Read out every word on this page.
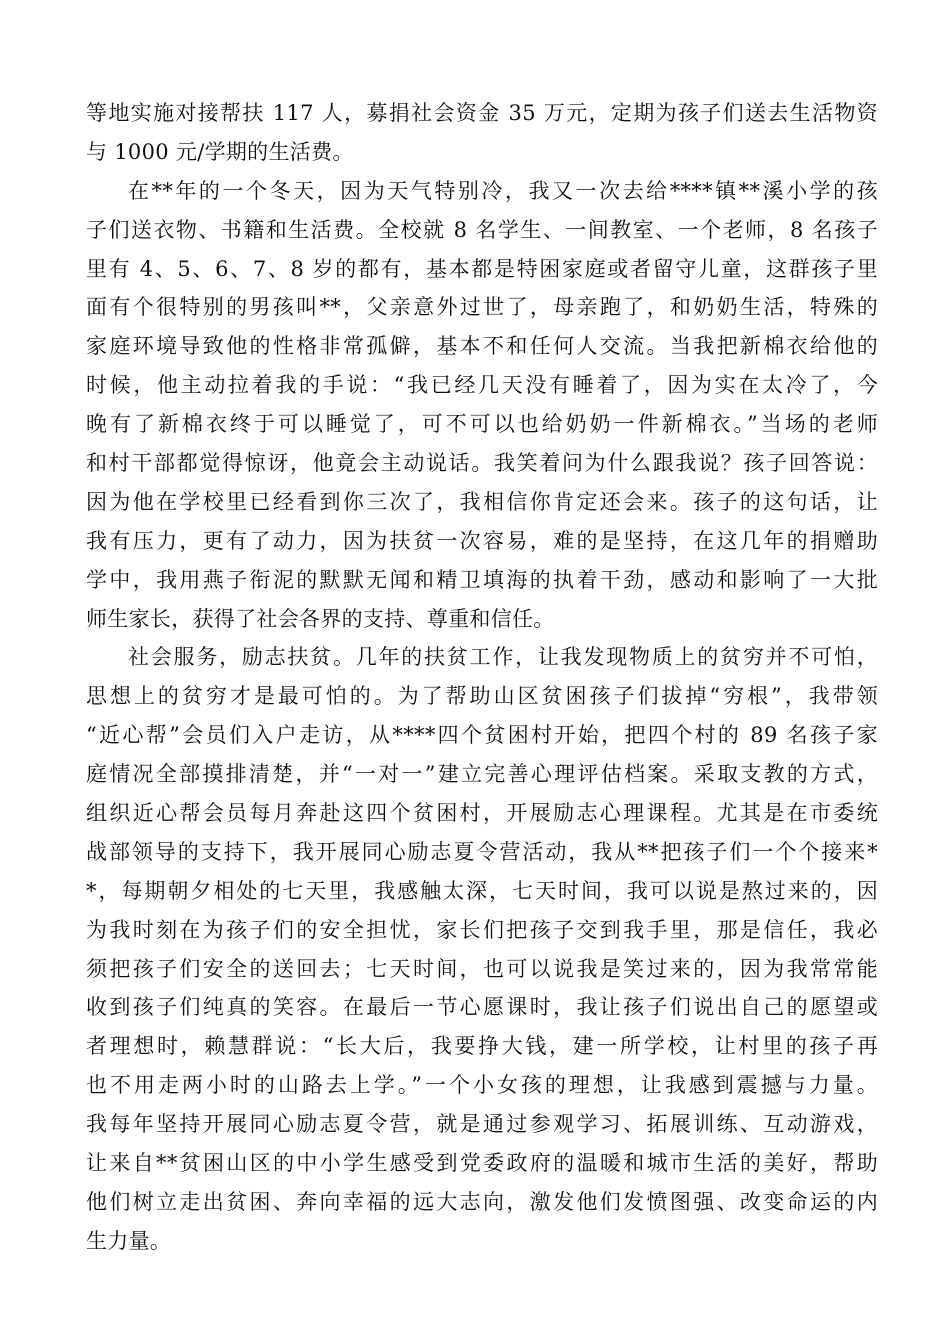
等地实施对接帮扶 117 人，募捐社会资金 35 万元，定期为孩子们送去生活物资
与 1000 元/学期的生活费。
在**年的一个冬天，因为天气特别冷，我又一次去给****镇**溪小学的孩
子们送衣物、书籍和生活费。全校就 8 名学生、一间教室、一个老师，8 名孩子
里有 4、5、6、7、8 岁的都有，基本都是特困家庭或者留守儿童，这群孩子里
面有个很特别的男孩叫**，父亲意外过世了，母亲跑了，和奶奶生活，特殊的
家庭环境导致他的性格非常孤僻，基本不和任何人交流。当我把新棉衣给他的
时候，他主动拉着我的手说：“我已经几天没有睡着了，因为实在太冷了，今
晚有了新棉衣终于可以睡觉了，可不可以也给奶奶一件新棉衣。”当场的老师
和村干部都觉得惊讶，他竟会主动说话。我笑着问为什么跟我说？孩子回答说：
因为他在学校里已经看到你三次了，我相信你肯定还会来。孩子的这句话，让
我有压力，更有了动力，因为扶贫一次容易，难的是坚持，在这几年的捐赠助
学中，我用燕子衔泥的默默无闻和精卫填海的执着干劲，感动和影响了一大批
师生家长，获得了社会各界的支持、尊重和信任。
社会服务，励志扶贫。几年的扶贫工作，让我发现物质上的贫穷并不可怕，
思想上的贫穷才是最可怕的。为了帮助山区贫困孩子们拔掉“穷根”，我带领
“近心帮”会员们入户走访，从****四个贫困村开始，把四个村的 89 名孩子家
庭情况全部摸排清楚，并“一对一”建立完善心理评估档案。采取支教的方式，
组织近心帮会员每月奔赴这四个贫困村，开展励志心理课程。尤其是在市委统
战部领导的支持下，我开展同心励志夏令营活动，我从**把孩子们一个个接来*
*，每期朝夕相处的七天里，我感触太深，七天时间，我可以说是熬过来的，因
为我时刻在为孩子们的安全担忧，家长们把孩子交到我手里，那是信任，我必
须把孩子们安全的送回去；七天时间，也可以说我是笑过来的，因为我常常能
收到孩子们纯真的笑容。在最后一节心愿课时，我让孩子们说出自己的愿望或
者理想时，赖慧群说：“长大后，我要挣大钱，建一所学校，让村里的孩子再
也不用走两小时的山路去上学。”一个小女孩的理想，让我感到震撼与力量。
我每年坚持开展同心励志夏令营，就是通过参观学习、拓展训练、互动游戏，
让来自**贫困山区的中小学生感受到党委政府的温暖和城市生活的美好，帮助
他们树立走出贫困、奔向幸福的远大志向，激发他们发愤图强、改变命运的内
生力量。
